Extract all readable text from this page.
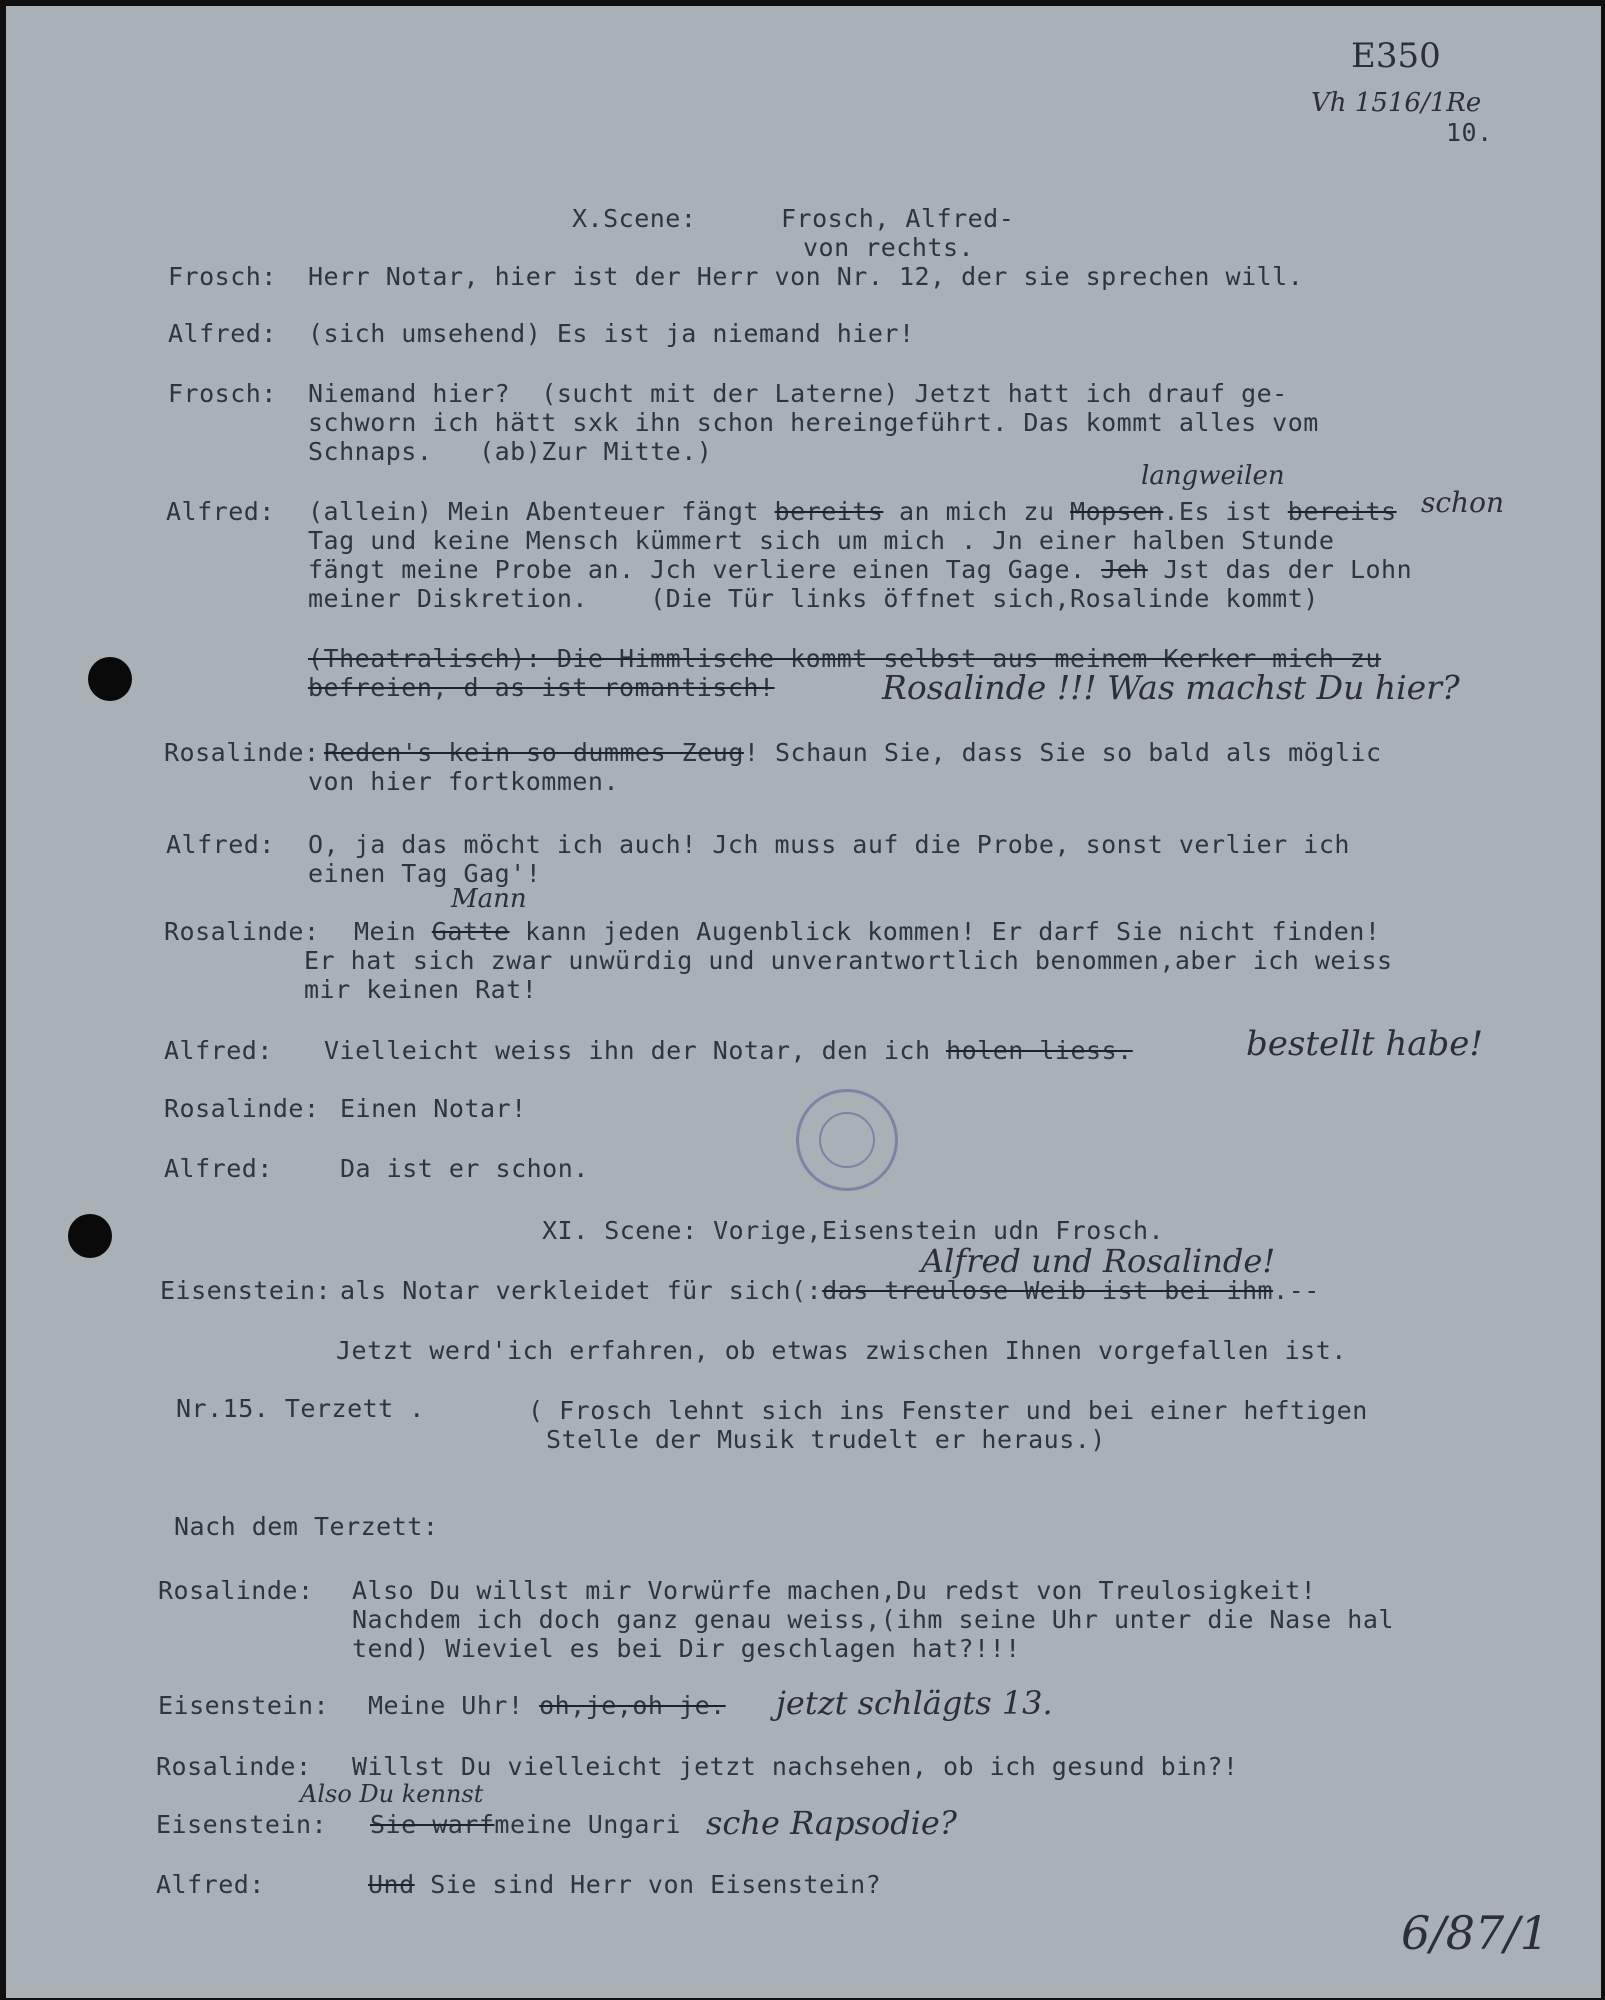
E350
Vh 1516/1Re
10.
X.Scene:	Frosch, Alfred-
von rechts.
Frosch: Herr Notar, hier ist der Herr von Nr. 12, der sie sprechen will.
Alfred: (sich umsehend) Es ist ja niemand hier!
Frosch: Niemand hier?  (sucht mit der Laterne) Jetzt hatt ich drauf ge-
schworn ich hätt sxk ihn schon hereingeführt. Das kommt alles vom
Schnaps.   (ab)Zur Mitte.)
Alfred: (allein) Mein Abenteuer fängt bereits an mich zu Mopsen.Es ist bereits
Tag und keine Mensch kümmert sich um mich . Jn einer halben Stunde
fängt meine Probe an. Jch verliere einen Tag Gage. Jeh Jst das der Lohn
meiner Diskretion.    (Die Tür links öffnet sich,Rosalinde kommt)
langweilen
schon
(Theatralisch): Die Himmlische kommt selbst aus meinem Kerker mich zu
befreien, d as ist romantisch!	Rosalinde !!! Was machst Du hier?
Rosalinde: Reden's kein so dummes Zeug! Schaun Sie, dass Sie so bald als möglic
von hier fortkommen.
Alfred: O, ja das möcht ich auch! Jch muss auf die Probe, sonst verlier ich
einen Tag Gag'!
Rosalinde: Mein Gatte kann jeden Augenblick kommen! Er darf Sie nicht finden!
Er hat sich zwar unwürdig und unverantwortlich benommen,aber ich weiss
mir keinen Rat!
Mann
Alfred: Vielleicht weiss ihn der Notar, den ich holen liess.	bestellt habe!
Rosalinde: Einen Notar!
Alfred:	Da ist er schon.
XI. Scene: Vorige,Eisenstein udn Frosch.
Eisenstein: als Notar verkleidet für sich(:das treulose Weib ist bei ihm.--
Alfred und Rosalinde!
Jetzt werd'ich erfahren, ob etwas zwischen Ihnen vorgefallen ist.
Nr.15. Terzett .	( Frosch lehnt sich ins Fenster und bei einer heftigen
Stelle der Musik trudelt er heraus.)
Nach dem Terzett:
Rosalinde: Also Du willst mir Vorwürfe machen,Du redst von Treulosigkeit!
Nachdem ich doch ganz genau weiss,(ihm seine Uhr unter die Nase hal
tend) Wieviel es bei Dir geschlagen hat?!!!
Eisenstein: Meine Uhr! oh,je,oh je. jetzt schlägts 13.
Rosalinde: Willst Du vielleicht jetzt nachsehen, ob ich gesund bin?!
Eisenstein: Sie warfmeine Ungari
Also Du kennst
sche Rapsodie?
Alfred:	Und Sie sind Herr von Eisenstein?
6/87/1
